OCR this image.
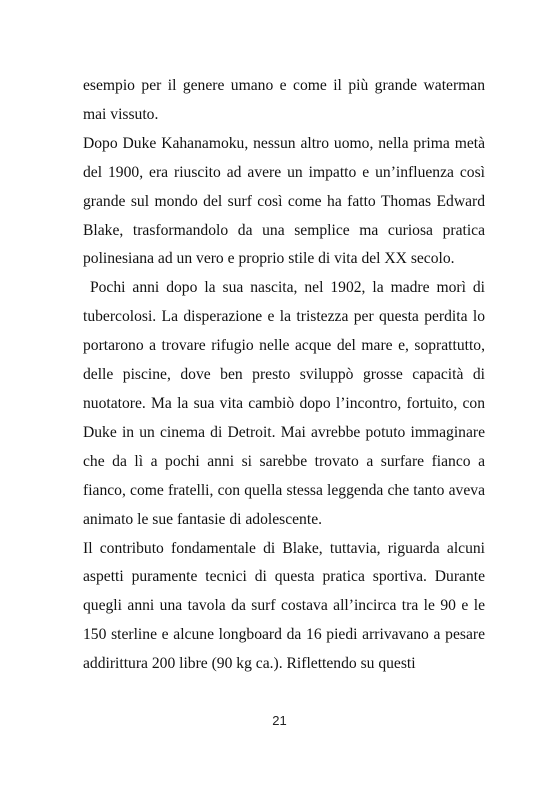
esempio per il genere umano e come il più grande waterman mai vissuto.

Dopo Duke Kahanamoku, nessun altro uomo, nella prima metà del 1900, era riuscito ad avere un impatto e un’influenza così grande sul mondo del surf così come ha fatto Thomas Edward Blake, trasformandolo da una semplice ma curiosa pratica polinesiana ad un vero e proprio stile di vita del XX secolo.

Pochi anni dopo la sua nascita, nel 1902, la madre morì di tubercolosi. La disperazione e la tristezza per questa perdita lo portarono a trovare rifugio nelle acque del mare e, soprattutto, delle piscine, dove ben presto sviluppò grosse capacità di nuotatore. Ma la sua vita cambiò dopo l’incontro, fortuito, con Duke in un cinema di Detroit. Mai avrebbe potuto immaginare che da lì a pochi anni si sarebbe trovato a surfare fianco a fianco, come fratelli, con quella stessa leggenda che tanto aveva animato le sue fantasie di adolescente.

Il contributo fondamentale di Blake, tuttavia, riguarda alcuni aspetti puramente tecnici di questa pratica sportiva. Durante quegli anni una tavola da surf costava all’incirca tra le 90 e le 150 sterline e alcune longboard da 16 piedi arrivavano a pesare addirittura 200 libre (90 kg ca.). Riflettendo su questi

21
